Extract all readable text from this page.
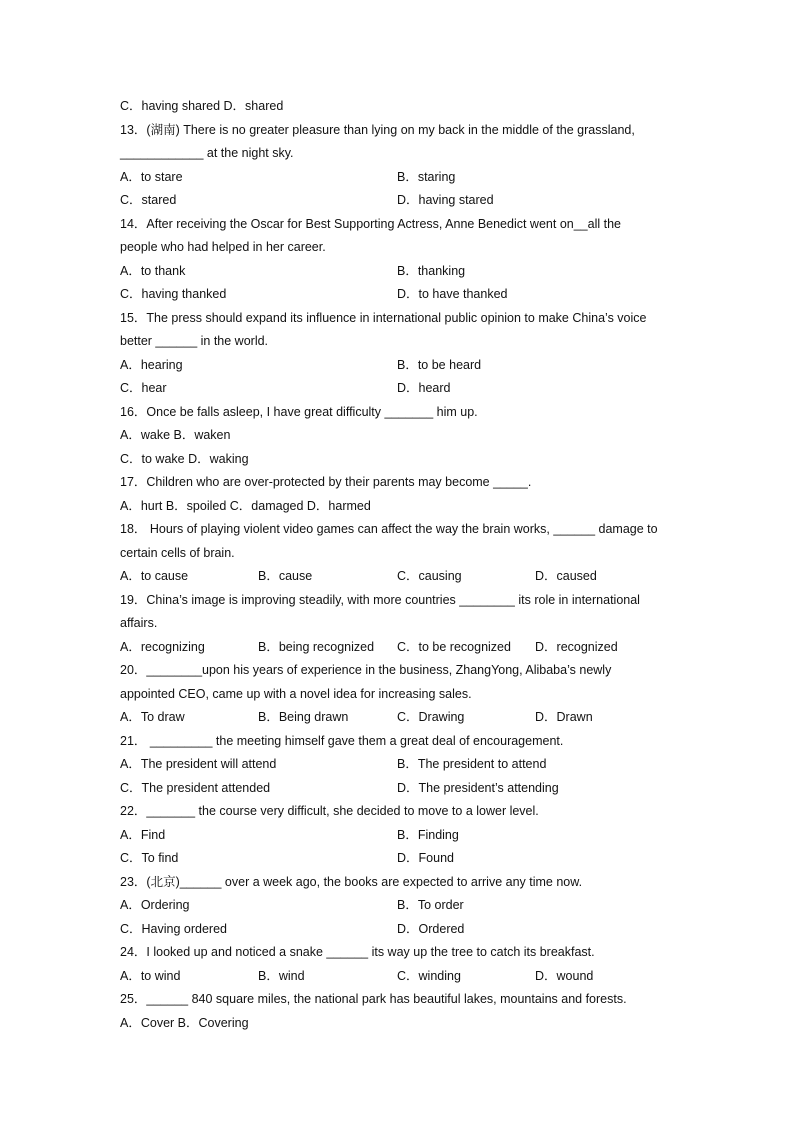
C．having shared D．shared
13．(湖南) There is no greater pleasure than lying on my back in the middle of the grassland,
____________ at the night sky.
A．to stare	B．staring
C．stared	D．having stared
14．After receiving the Oscar for Best Supporting Actress, Anne Benedict went on__all the
people who had helped in her career.
A．to thank	B．thanking
C．having thanked	D．to have thanked
15．The press should expand its influence in international public opinion to make China’s voice
better ______ in the world.
A．hearing	B．to be heard
C．hear	D．heard
16．Once be falls asleep, I have great difficulty _______ him up.
A．wake B．waken
C．to wake D．waking
17．Children who are over-protected by their parents may become _____.
A．hurt B．spoiled C．damaged D．harmed
18． Hours of playing violent video games can affect the way the brain works, ______ damage to
certain cells of brain.
A．to cause	B．cause	C．causing	D．caused
19．China’s image is improving steadily, with more countries ________ its role in international
affairs.
A．recognizing	B．being recognized C．to be recognized D．recognized
20．________upon his years of experience in the business, ZhangYong, Alibaba’s newly
appointed CEO, came up with a novel idea for increasing sales.
A．To draw	B．Being drawn	C．Drawing	D．Drawn
21． _________ the meeting himself gave them a great deal of encouragement.
A．The president will attend	B．The president to attend
C．The president attended	D．The president’s attending
22．_______ the course very difficult, she decided to move to a lower level.
A．Find	B．Finding
C．To find	D．Found
23．(北京)______ over a week ago, the books are expected to arrive any time now.
A．Ordering	B．To order
C．Having ordered	D．Ordered
24．I looked up and noticed a snake ______ its way up the tree to catch its breakfast.
A．to wind	B．wind	C．winding	D．wound
25．______ 840 square miles, the national park has beautiful lakes, mountains and forests.
A．Cover B．Covering
